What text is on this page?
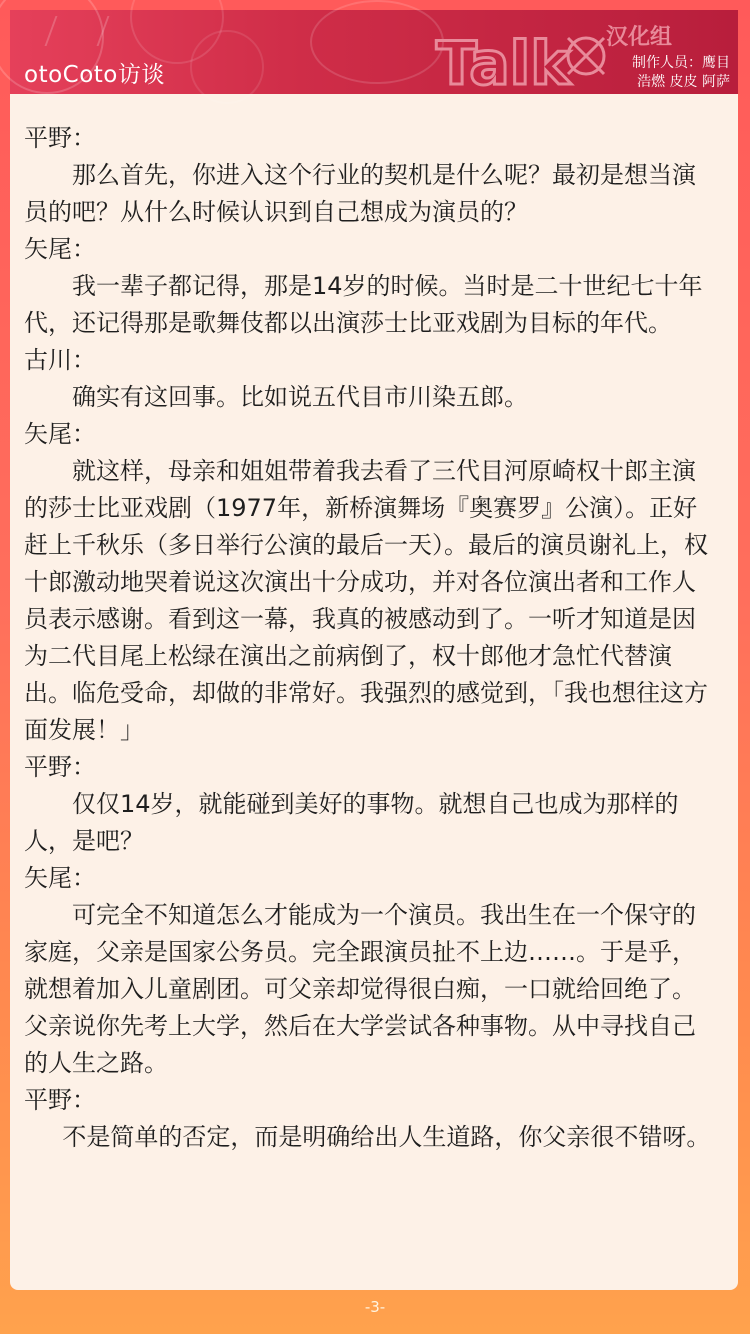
otoCoto访谈	Talk 汉化组
制作人员：鹰目
浩燃 皮皮 阿萨

平野：

那么首先，你进入这个行业的契机是什么呢？最初是想当演员的吧？从什么时候认识到自己想成为演员的？

矢尾：

我一辈子都记得，那是14岁的时候。当时是二十世纪七十年代，还记得那是歌舞伎都以出演莎士比亚戏剧为目标的年代。

古川：

确实有这回事。比如说五代目市川染五郎。

矢尾：

就这样，母亲和姐姐带着我去看了三代目河原崎权十郎主演的莎士比亚戏剧（1977年，新桥演舞场『奥赛罗』公演）。正好赶上千秋乐（多日举行公演的最后一天）。最后的演员谢礼上，权十郎激动地哭着说这次演出十分成功，并对各位演出者和工作人员表示感谢。看到这一幕，我真的被感动到了。一听才知道是因为二代目尾上松绿在演出之前病倒了，权十郎他才急忙代替演出。临危受命，却做的非常好。我强烈的感觉到，「我也想往这方面发展！」

平野：

仅仅14岁，就能碰到美好的事物。就想自己也成为那样的人，是吧？

矢尾：

可完全不知道怎么才能成为一个演员。我出生在一个保守的家庭，父亲是国家公务员。完全跟演员扯不上边……。于是乎，就想着加入儿童剧团。可父亲却觉得很白痴，一口就给回绝了。父亲说你先考上大学，然后在大学尝试各种事物。从中寻找自己的人生之路。

平野：

不是简单的否定，而是明确给出人生道路，你父亲很不错呀。

-3-
